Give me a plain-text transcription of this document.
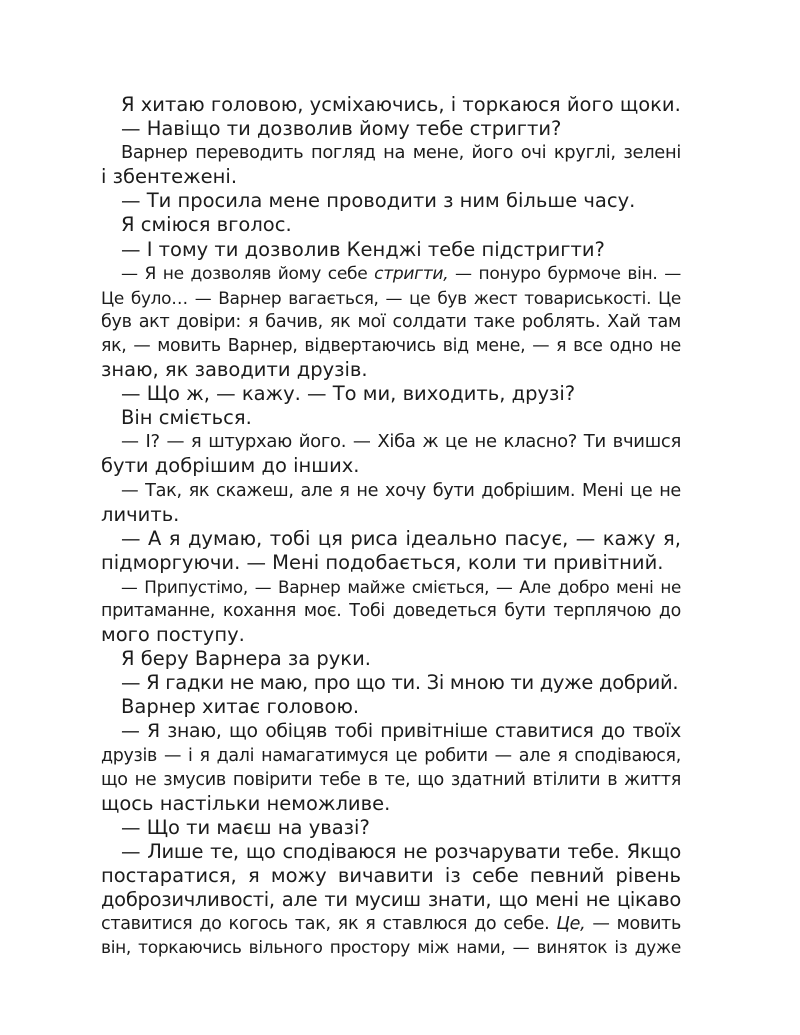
Я хитаю головою, усміхаючись, і торкаюся його щоки.
— Навіщо ти дозволив йому тебе стригти?
Варнер переводить погляд на мене, його очі круглі, зелені
і збентежені.
— Ти просила мене проводити з ним більше часу.
Я сміюся вголос.
— І тому ти дозволив Кенджі тебе підстригти?
— Я не дозволяв йому себе стригти, — понуро бурмоче він. —
Це було… — Варнер вагається, — це був жест товариськості. Це
був акт довіри: я бачив, як мої солдати таке роблять. Хай там
як, — мовить Варнер, відвертаючись від мене, — я все одно не
знаю, як заводити друзів.
— Що ж, — кажу. — То ми, виходить, друзі?
Він сміється.
— І? — я штурхаю його. — Хіба ж це не класно? Ти вчишся
бути добрішим до інших.
— Так, як скажеш, але я не хочу бути добрішим. Мені це не
личить.
— А я думаю, тобі ця риса ідеально пасує, — кажу я,
підморгуючи. — Мені подобається, коли ти привітний.
— Припустімо, — Варнер майже сміється, — Але добро мені не
притаманне, кохання моє. Тобі доведеться бути терплячою до
мого поступу.
Я беру Варнера за руки.
— Я гадки не маю, про що ти. Зі мною ти дуже добрий.
Варнер хитає головою.
— Я знаю, що обіцяв тобі привітніше ставитися до твоїх
друзів — і я далі намагатимуся це робити — але я сподіваюся,
що не змусив повірити тебе в те, що здатний втілити в життя
щось настільки неможливе.
— Що ти маєш на увазі?
— Лише те, що сподіваюся не розчарувати тебе. Якщо
постаратися, я можу вичавити із себе певний рівень
доброзичливості, але ти мусиш знати, що мені не цікаво
ставитися до когось так, як я ставлюся до себе. Це, — мовить
він, торкаючись вільного простору між нами, — виняток із дуже
